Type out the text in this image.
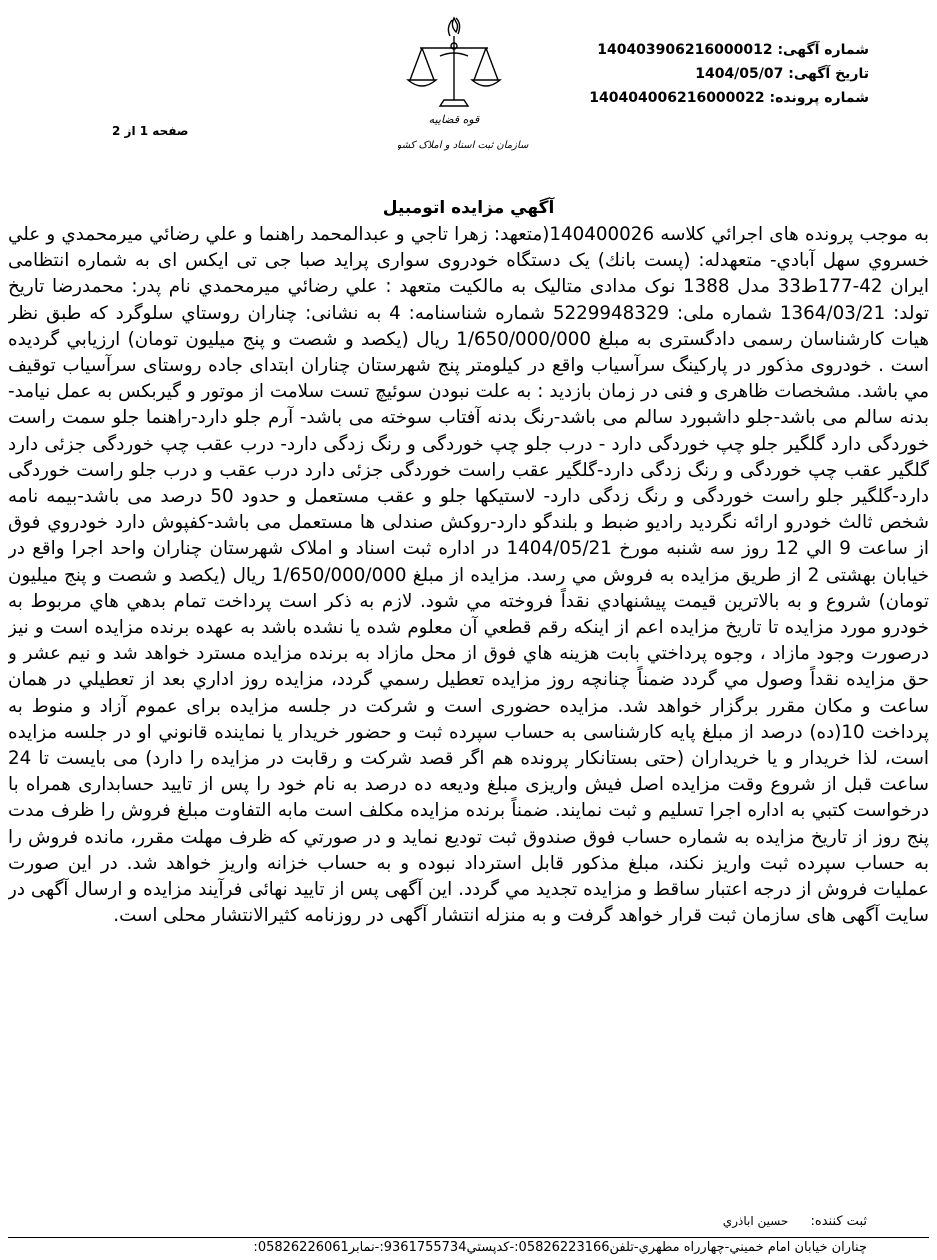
شماره آگهی: 140403906216000012
تاریخ آگهی: 1404/05/07
شماره پرونده: 140404006216000022
قوه قضاییه
سازمان ثبت اسناد و املاک کشور
صفحه 1 از 2
آگهي مزايده اتومبيل
به موجب پرونده های اجرائي کلاسه 140400026(متعهد: زهرا تاجي و عبدالمحمد راهنما و علي رضائي ميرمحمدي و علي خسروي سهل آبادي- متعهدله: (پست بانك) يک دستگاه خودروی سواری پراید صبا جی تی ایکس ای به شماره انتظامی ایران 42-177ط33 مدل 1388 نوک مدادی متالیک به مالکیت متعهد : علي رضائي ميرمحمدي نام پدر: محمدرضا تاریخ تولد: 1364/03/21 شماره ملی: 5229948329 شماره شناسنامه: 4 به نشانی: چناران روستاي سلوگرد که طبق نظر هيات كارشناسان رسمی دادگستری به مبلغ 1/650/000/000 ريال (يکصد و شصت و پنج ميليون تومان) ارزيابي گرديده است . خودروی مذکور در پارکینگ سرآسیاب واقع در کیلومتر پنج شهرستان چناران ابتدای جاده روستای سرآسیاب توقیف مي باشد. مشخصات ظاهری و فنی در زمان بازدید : به علت نبودن سوئیچ تست سلامت از موتور و گیربکس به عمل نیامد-بدنه سالم می باشد-جلو داشبورد سالم می باشد-رنگ بدنه آفتاب سوخته می باشد- آرم جلو دارد-راهنما جلو سمت راست خوردگی دارد گلگیر جلو چپ خوردگی دارد - درب جلو چپ خوردگی و رنگ زدگی دارد- درب عقب چپ خوردگی جزئی دارد گلگیر عقب چپ خوردگی و رنگ زدگی دارد-گلگیر عقب راست خوردگی جزئی دارد درب عقب و درب جلو راست خوردگی دارد-گلگیر جلو راست خوردگی و رنگ زدگی دارد- لاستیکها جلو و عقب مستعمل و حدود 50 درصد می باشد-بیمه نامه شخص ثالث خودرو ارائه نگردید رادیو ضبط و بلندگو دارد-روکش صندلی ها مستعمل می باشد-کفپوش دارد خودروي فوق از ساعت 9 الي 12 روز سه شنبه مورخ 1404/05/21 در اداره ثبت اسناد و املاک شهرستان چناران واحد اجرا واقع در خیابان بهشتی 2 از طريق مزايده به فروش مي رسد. مزايده از مبلغ 1/650/000/000 ريال (يکصد و شصت و پنج ميليون تومان) شروع و به بالاترين قيمت پيشنهادي نقداً فروخته مي شود. لازم به ذکر است پرداخت تمام بدهي هاي مربوط به خودرو مورد مزايده تا تاريخ مزايده اعم از اينکه رقم قطعي آن معلوم شده يا نشده باشد به عهده برنده مزايده است و نيز درصورت وجود مازاد ، وجوه پرداختي بابت هزينه هاي فوق از محل مازاد به برنده مزايده مسترد خواهد شد و نيم عشر و حق مزايده نقداً وصول مي گردد ضمناً چنانچه روز مزايده تعطيل رسمي گردد، مزايده روز اداري بعد از تعطيلي در همان ساعت و مکان مقرر برگزار خواهد شد. مزایده حضوری است و شرکت در جلسه مزایده برای عموم آزاد و منوط به پرداخت 10(ده) درصد از مبلغ پایه کارشناسی به حساب سپرده ثبت و حضور خريدار يا نماينده قانوني او در جلسه مزايده است، لذا خریدار و یا خریداران (حتی بستانکار پرونده هم اگر قصد شرکت و رقابت در مزایده را دارد) می بایست تا 24 ساعت قبل از شروع وقت مزایده اصل فیش واریزی مبلغ ودیعه ده درصد به نام خود را پس از تایید حسابداری همراه با درخواست کتبي به اداره اجرا تسليم و ثبت نمايند. ضمناً برنده مزايده مکلف است مابه التفاوت مبلغ فروش را ظرف مدت پنج روز از تاریخ مزایده به شماره حساب فوق صندوق ثبت توديع نمايد و در صورتي که ظرف مهلت مقرر، مانده فروش را به حساب سپرده ثبت واريز نکند، مبلغ مذکور قابل استرداد نبوده و به حساب خزانه واريز خواهد شد. در اين صورت عمليات فروش از درجه اعتبار ساقط و مزايده تجديد مي گردد. این آگهی پس از تایید نهائی فرآیند مزایده و ارسال آگهی در سایت آگهی های سازمان ثبت قرار خواهد گرفت و به منزله انتشار آگهی در روزنامه کثیرالانتشار محلی است.
ثبت کننده: حسين اباذري
چناران خيابان امام خميني-چهارراه مطهري-تلفن05826223166:-کدپستي9361755734:-نمابر05826226061:
